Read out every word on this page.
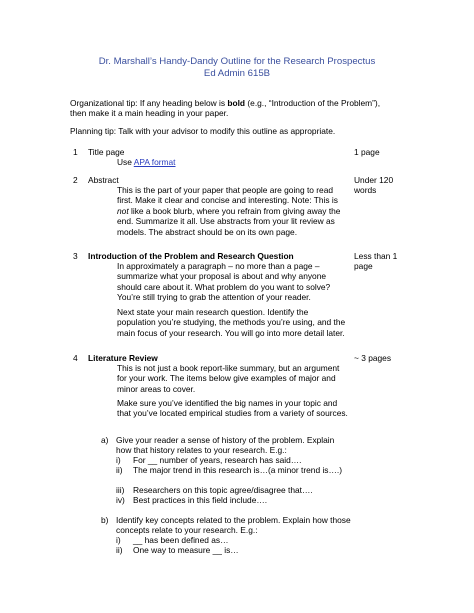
Dr. Marshall’s Handy-Dandy Outline for the Research Prospectus
Ed Admin 615B
Organizational tip: If any heading below is bold (e.g., “Introduction of the Problem”), then make it a main heading in your paper.
Planning tip: Talk with your advisor to modify this outline as appropriate.
1 Title page	1 page
Use APA format
2 Abstract	Under 120 words
This is the part of your paper that people are going to read first. Make it clear and concise and interesting. Note: This is not like a book blurb, where you refrain from giving away the end. Summarize it all. Use abstracts from your lit review as models. The abstract should be on its own page.
3 Introduction of the Problem and Research Question	Less than 1 page
In approximately a paragraph – no more than a page – summarize what your proposal is about and why anyone should care about it. What problem do you want to solve? You’re still trying to grab the attention of your reader.
Next state your main research question. Identify the population you’re studying, the methods you’re using, and the main focus of your research. You will go into more detail later.
4 Literature Review	~ 3 pages
This is not just a book report-like summary, but an argument for your work. The items below give examples of major and minor areas to cover.
Make sure you’ve identified the big names in your topic and that you’ve located empirical studies from a variety of sources.
a) Give your reader a sense of history of the problem. Explain how that history relates to your research. E.g.:
i) For __ number of years, research has said….
ii) The major trend in this research is…(a minor trend is….)
iii) Researchers on this topic agree/disagree that….
iv) Best practices in this field include….
b) Identify key concepts related to the problem. Explain how those concepts relate to your research. E.g.:
i) __ has been defined as…
ii) One way to measure __ is…
